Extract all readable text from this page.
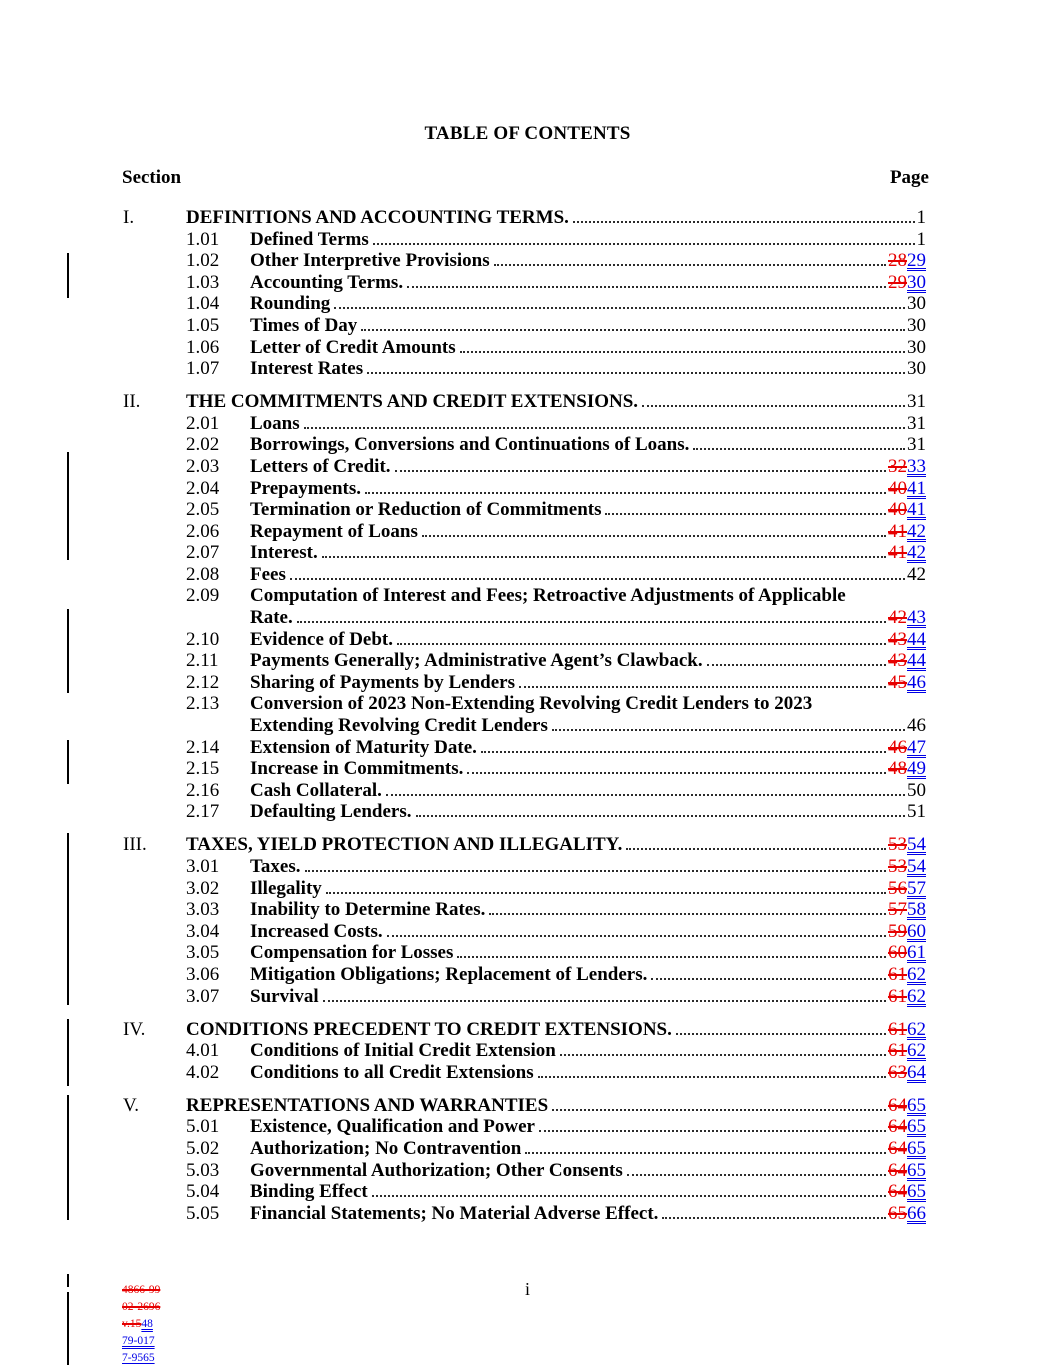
TABLE OF CONTENTS
Section	Page
I.	DEFINITIONS AND ACCOUNTING TERMS.	1
1.01	Defined Terms	1
1.02	Other Interpretive Provisions	2829
1.03	Accounting Terms.	2930
1.04	Rounding	30
1.05	Times of Day	30
1.06	Letter of Credit Amounts	30
1.07	Interest Rates	30
II.	THE COMMITMENTS AND CREDIT EXTENSIONS.	31
2.01	Loans	31
2.02	Borrowings, Conversions and Continuations of Loans.	31
2.03	Letters of Credit.	3233
2.04	Prepayments.	4041
2.05	Termination or Reduction of Commitments	4041
2.06	Repayment of Loans	4142
2.07	Interest.	4142
2.08	Fees	42
2.09	Computation of Interest and Fees; Retroactive Adjustments of Applicable
Rate.	4243
2.10	Evidence of Debt.	4344
2.11	Payments Generally; Administrative Agent’s Clawback.	4344
2.12	Sharing of Payments by Lenders	4546
2.13	Conversion of 2023 Non-Extending Revolving Credit Lenders to 2023
Extending Revolving Credit Lenders	46
2.14	Extension of Maturity Date.	4647
2.15	Increase in Commitments.	4849
2.16	Cash Collateral.	50
2.17	Defaulting Lenders.	51
III.	TAXES, YIELD PROTECTION AND ILLEGALITY.	5354
3.01	Taxes.	5354
3.02	Illegality	5657
3.03	Inability to Determine Rates.	5758
3.04	Increased Costs.	5960
3.05	Compensation for Losses	6061
3.06	Mitigation Obligations; Replacement of Lenders.	6162
3.07	Survival	6162
IV.	CONDITIONS PRECEDENT TO CREDIT EXTENSIONS.	6162
4.01	Conditions of Initial Credit Extension	6162
4.02	Conditions to all Credit Extensions	6364
V.	REPRESENTATIONS AND WARRANTIES	6465
5.01	Existence, Qualification and Power	6465
5.02	Authorization; No Contravention	6465
5.03	Governmental Authorization; Other Consents	6465
5.04	Binding Effect	6465
5.05	Financial Statements; No Material Adverse Effect.	6566
i
4866-99
02-2696
v.1548
79-017
7-9565
